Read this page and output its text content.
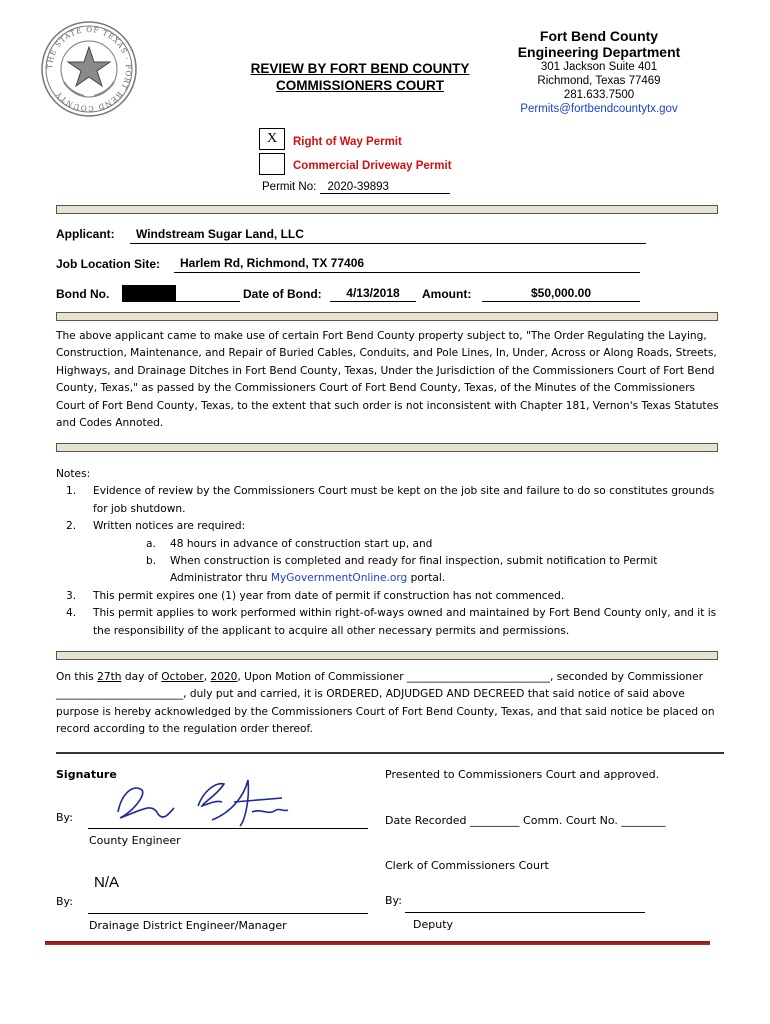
THE STATE OF TEXAS · FORT BEND COUNTY
REVIEW BY FORT BEND COUNTY
COMMISSIONERS COURT
Fort Bend County
Engineering Department
301 Jackson Suite 401
Richmond, Texas 77469
281.633.7500
Permits@fortbendcountytx.gov
X	Right of Way Permit
Commercial Driveway Permit
Permit No: 2020-39893
Applicant:	Windstream Sugar Land, LLC
Job Location Site:	Harlem Rd, Richmond, TX 77406
Bond No.	Date of Bond:	4/13/2018	Amount:	$50,000.00
The above applicant came to make use of certain Fort Bend County property subject to, "The Order Regulating the Laying, Construction, Maintenance, and Repair of Buried Cables, Conduits, and Pole Lines, In, Under, Across or Along Roads, Streets, Highways, and Drainage Ditches in Fort Bend County, Texas, Under the Jurisdiction of the Commissioners Court of Fort Bend County, Texas," as passed by the Commissioners Court of Fort Bend County, Texas, of the Minutes of the Commissioners Court of Fort Bend County, Texas, to the extent that such order is not inconsistent with Chapter 181, Vernon's Texas Statutes and Codes Annoted.
Notes:
1. Evidence of review by the Commissioners Court must be kept on the job site and failure to do so constitutes grounds for job shutdown.
2. Written notices are required:
a. 48 hours in advance of construction start up, and
b. When construction is completed and ready for final inspection, submit notification to Permit Administrator thru MyGovernmentOnline.org portal.
3. This permit expires one (1) year from date of permit if construction has not commenced.
4. This permit applies to work performed within right-of-ways owned and maintained by Fort Bend County only, and it is the responsibility of the applicant to acquire all other necessary permits and permissions.
On this 27th day of October, 2020, Upon Motion of Commissioner ___________________________, seconded by Commissioner ________________________, duly put and carried, it is ORDERED, ADJUDGED AND DECREED that said notice of said above purpose is hereby acknowledged by the Commissioners Court of Fort Bend County, Texas, and that said notice be placed on record according to the regulation order thereof.
Signature
By:
County Engineer
N/A
By:
Drainage District Engineer/Manager
Presented to Commissioners Court and approved.
Date Recorded _________ Comm. Court No. ________
Clerk of Commissioners Court
By:
Deputy
